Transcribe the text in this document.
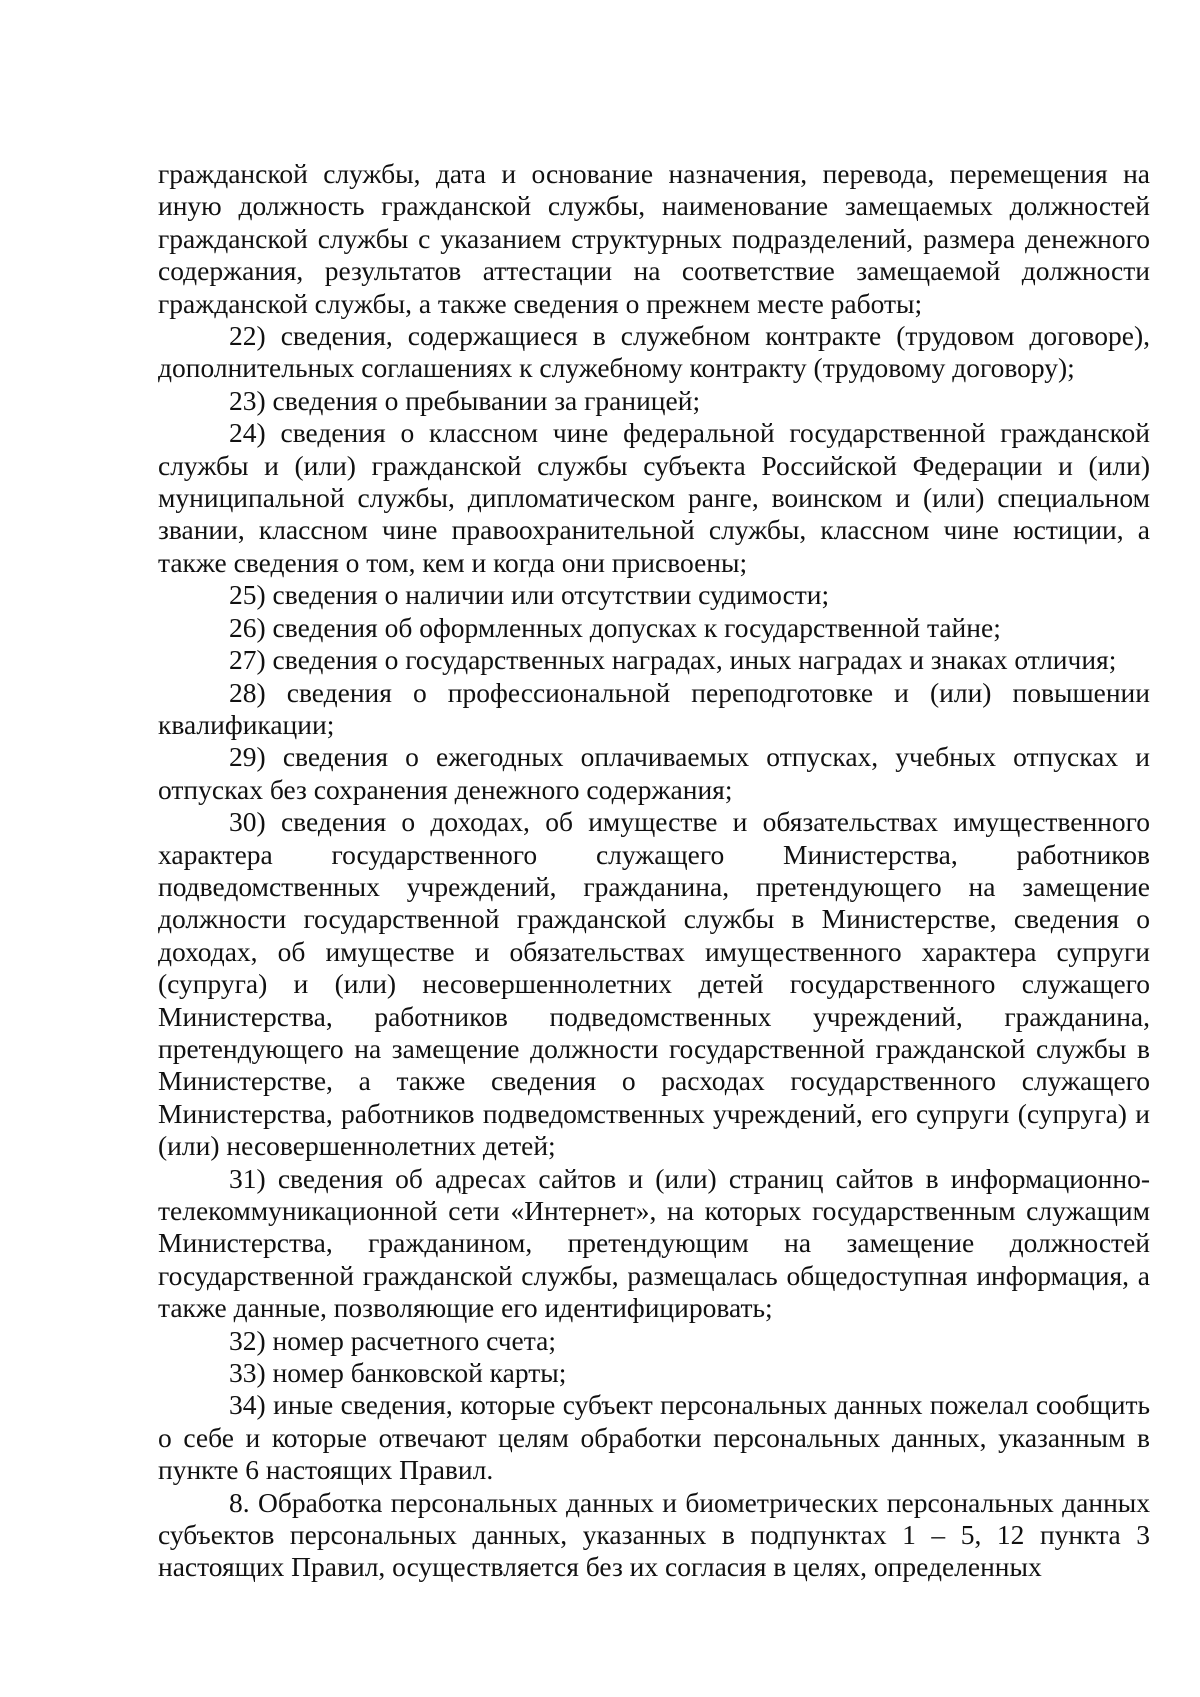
гражданской службы, дата и основание назначения, перевода, перемещения на иную должность гражданской службы, наименование замещаемых должностей гражданской службы с указанием структурных подразделений, размера денежного содержания, результатов аттестации на соответствие замещаемой должности гражданской службы, а также сведения о прежнем месте работы;

22) сведения, содержащиеся в служебном контракте (трудовом договоре), дополнительных соглашениях к служебному контракту (трудовому договору);

23) сведения о пребывании за границей;

24) сведения о классном чине федеральной государственной гражданской службы и (или) гражданской службы субъекта Российской Федерации и (или) муниципальной службы, дипломатическом ранге, воинском и (или) специальном звании, классном чине правоохранительной службы, классном чине юстиции, а также сведения о том, кем и когда они присвоены;

25) сведения о наличии или отсутствии судимости;

26) сведения об оформленных допусках к государственной тайне;

27) сведения о государственных наградах, иных наградах и знаках отличия;

28) сведения о профессиональной переподготовке и (или) повышении квалификации;

29) сведения о ежегодных оплачиваемых отпусках, учебных отпусках и отпусках без сохранения денежного содержания;

30) сведения о доходах, об имуществе и обязательствах имущественного характера государственного служащего Министерства, работников подведомственных учреждений, гражданина, претендующего на замещение должности государственной гражданской службы в Министерстве, сведения о доходах, об имуществе и обязательствах имущественного характера супруги (супруга) и (или) несовершеннолетних детей государственного служащего Министерства, работников подведомственных учреждений, гражданина, претендующего на замещение должности государственной гражданской службы в Министерстве, а также сведения о расходах государственного служащего Министерства, работников подведомственных учреждений, его супруги (супруга) и (или) несовершеннолетних детей;

31) сведения об адресах сайтов и (или) страниц сайтов в информационно-телекоммуникационной сети «Интернет», на которых государственным служащим Министерства, гражданином, претендующим на замещение должностей государственной гражданской службы, размещалась общедоступная информация, а также данные, позволяющие его идентифицировать;

32) номер расчетного счета;

33) номер банковской карты;

34) иные сведения, которые субъект персональных данных пожелал сообщить о себе и которые отвечают целям обработки персональных данных, указанным в пункте 6 настоящих Правил.

8. Обработка персональных данных и биометрических персональных данных субъектов персональных данных, указанных в подпунктах 1 – 5, 12 пункта 3 настоящих Правил, осуществляется без их согласия в целях, определенных
